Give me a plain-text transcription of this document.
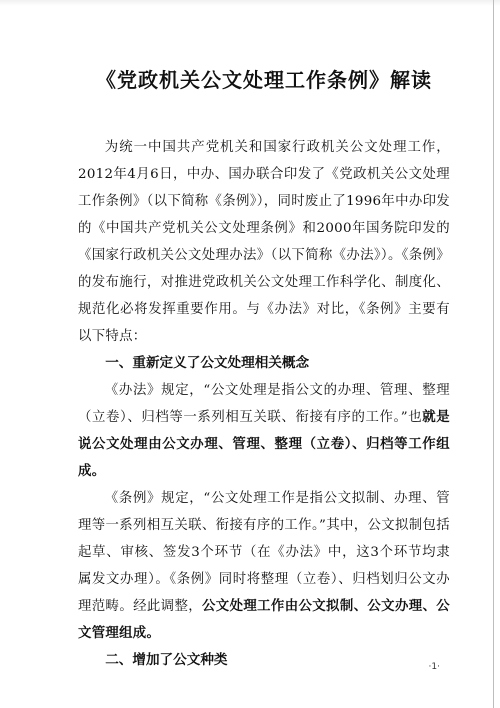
《党政机关公文处理工作条例》解读

为统一中国共产党机关和国家行政机关公文处理工作，2012年4月6日，中办、国办联合印发了《党政机关公文处理工作条例》（以下简称《条例》），同时废止了1996年中办印发的《中国共产党机关公文处理条例》和2000年国务院印发的《国家行政机关公文处理办法》（以下简称《办法》）。《条例》的发布施行，对推进党政机关公文处理工作科学化、制度化、规范化必将发挥重要作用。与《办法》对比，《条例》主要有以下特点：

一、重新定义了公文处理相关概念

《办法》规定，“公文处理是指公文的办理、管理、整理（立卷）、归档等一系列相互关联、衔接有序的工作。”也就是说公文处理由公文办理、管理、整理（立卷）、归档等工作组成。

《条例》规定，“公文处理工作是指公文拟制、办理、管理等一系列相互关联、衔接有序的工作。”其中，公文拟制包括起草、审核、签发3个环节（在《办法》中，这3个环节均隶属发文办理）。《条例》同时将整理（立卷）、归档划归公文办理范畴。经此调整，公文处理工作由公文拟制、公文办理、公文管理组成。

二、增加了公文种类	·1·
